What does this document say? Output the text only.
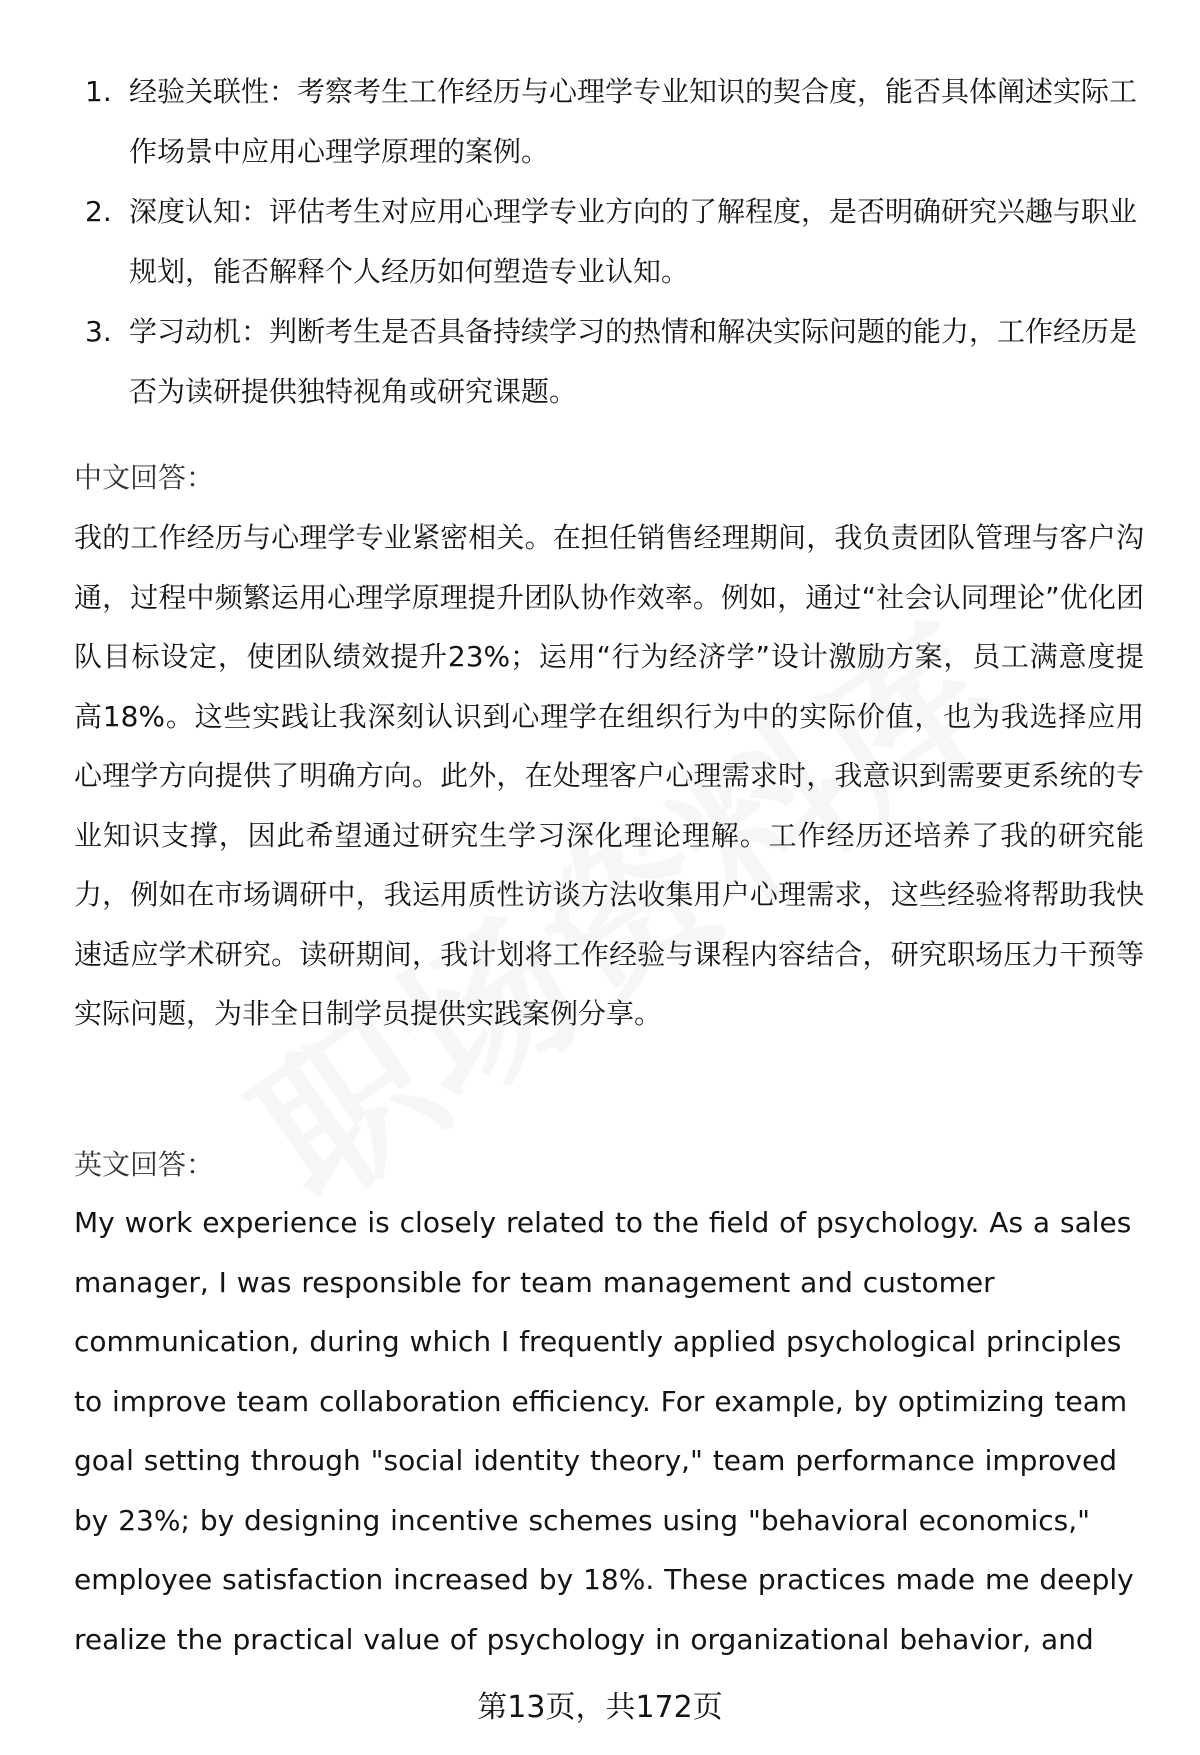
1. 经验关联性：考察考生工作经历与心理学专业知识的契合度，能否具体阐述实际工作场景中应用心理学原理的案例。
2. 深度认知：评估考生对应用心理学专业方向的了解程度，是否明确研究兴趣与职业规划，能否解释个人经历如何塑造专业认知。
3. 学习动机：判断考生是否具备持续学习的热情和解决实际问题的能力，工作经历是否为读研提供独特视角或研究课题。
中文回答：

我的工作经历与心理学专业紧密相关。在担任销售经理期间，我负责团队管理与客户沟通，过程中频繁运用心理学原理提升团队协作效率。例如，通过“社会认同理论”优化团队目标设定，使团队绩效提升23%；运用“行为经济学”设计激励方案，员工满意度提高18%。这些实践让我深刻认识到心理学在组织行为中的实际价值，也为我选择应用心理学方向提供了明确方向。此外，在处理客户心理需求时，我意识到需要更系统的专业知识支撑，因此希望通过研究生学习深化理论理解。工作经历还培养了我的研究能力，例如在市场调研中，我运用质性访谈方法收集用户心理需求，这些经验将帮助我快速适应学术研究。读研期间，我计划将工作经验与课程内容结合，研究职场压力干预等实际问题，为非全日制学员提供实践案例分享。

英文回答：

My work experience is closely related to the field of psychology. As a sales manager, I was responsible for team management and customer communication, during which I frequently applied psychological principles to improve team collaboration efficiency. For example, by optimizing team goal setting through "social identity theory," team performance improved by 23%; by designing incentive schemes using "behavioral economics," employee satisfaction increased by 18%. These practices made me deeply realize the practical value of psychology in organizational behavior, and

第13页，共172页
